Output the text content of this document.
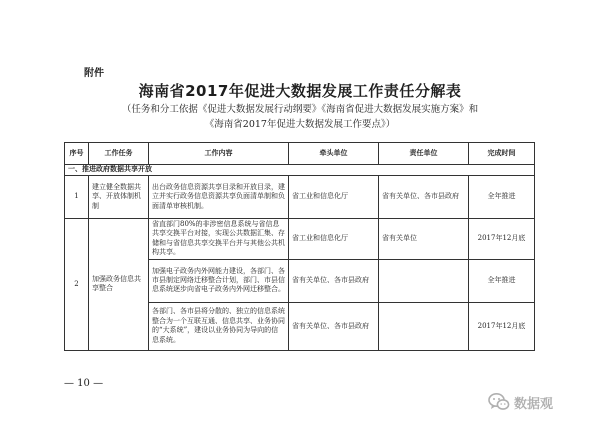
附件
海南省2017年促进大数据发展工作责任分解表
（任务和分工依据《促进大数据发展行动纲要》《海南省促进大数据发展实施方案》和
《海南省2017年促进大数据发展工作要点》）
序号	工作任务	工作内容	牵头单位	责任单位	完成时间
一、推进政府数据共享开放					
1	建立健全数据共享、开放体制机制	出台政务信息资源共享目录和开放目录，建立并实行政务信息资源共享负面清单制和负面清单审核机制。	省工业和信息化厅	省有关单位、各市县政府	全年推进
2	加强政务信息共享整合	省直部门80%的非涉密信息系统与省信息共享交换平台对接，实现公共数据汇集、存储和与省信息共享交换平台并与其他公共机构共享。	省工业和信息化厅	省有关单位	2017年12月底
		加强电子政务内外网能力建设，各部门、各市县制定网络迁移整合计划，部门、市县信息系统逐步向省电子政务内外网迁移整合。	省有关单位、各市县政府		全年推进
		各部门、各市县将分散的、独立的信息系统整合为一个互联互通、信息共享、业务协同的“大系统”，建设以业务协同为导向的信息系统。	省有关单位、各市县政府		2017年12月底
— 10 —
数据观
